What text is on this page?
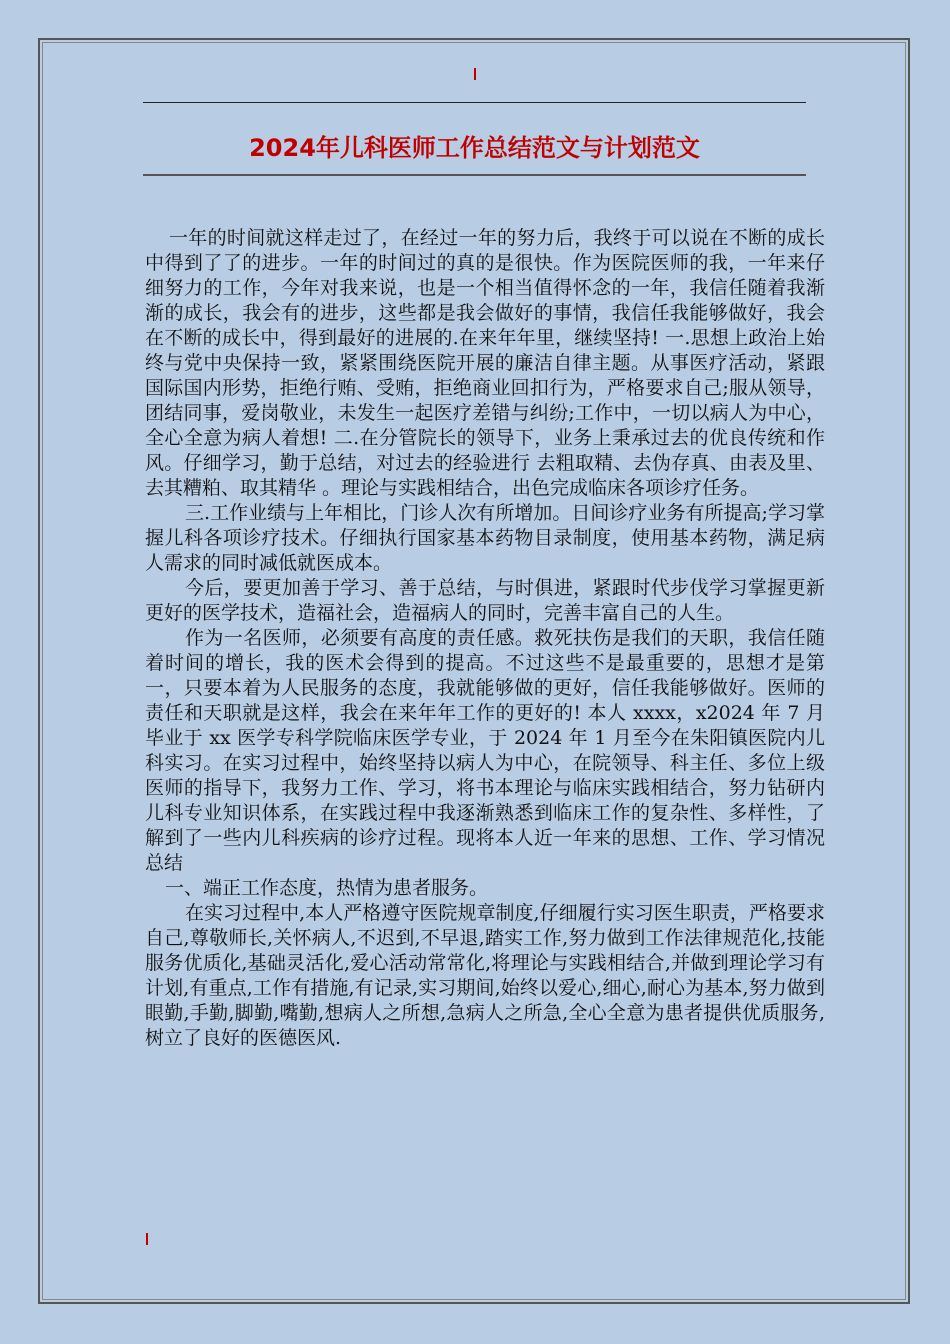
2024年儿科医师工作总结范文与计划范文

一年的时间就这样走过了，在经过一年的努力后，我终于可以说在不断的成长中得到了了的进步。一年的时间过的真的是很快。作为医院医师的我，一年来仔细努力的工作，今年对我来说，也是一个相当值得怀念的一年，我信任随着我渐渐的成长，我会有的进步，这些都是我会做好的事情，我信任我能够做好，我会在不断的成长中，得到最好的进展的.在来年年里，继续坚持! 一.思想上政治上始终与党中央保持一致，紧紧围绕医院开展的廉洁自律主题。从事医疗活动，紧跟国际国内形势，拒绝行贿、受贿，拒绝商业回扣行为，严格要求自己;服从领导，团结同事，爱岗敬业，未发生一起医疗差错与纠纷;工作中，一切以病人为中心，全心全意为病人着想! 二.在分管院长的领导下，业务上秉承过去的优良传统和作风。仔细学习，勤于总结，对过去的经验进行 去粗取精、去伪存真、由表及里、去其糟粕、取其精华 。理论与实践相结合，出色完成临床各项诊疗任务。

三.工作业绩与上年相比，门诊人次有所增加。日间诊疗业务有所提高;学习掌握儿科各项诊疗技术。仔细执行国家基本药物目录制度，使用基本药物，满足病人需求的同时减低就医成本。

今后，要更加善于学习、善于总结，与时俱进，紧跟时代步伐学习掌握更新更好的医学技术，造福社会，造福病人的同时，完善丰富自己的人生。

作为一名医师，必须要有高度的责任感。救死扶伤是我们的天职，我信任随着时间的增长，我的医术会得到的提高。不过这些不是最重要的，思想才是第一，只要本着为人民服务的态度，我就能够做的更好，信任我能够做好。医师的责任和天职就是这样，我会在来年年工作的更好的! 本人 xxxx，x2024 年 7 月毕业于 xx 医学专科学院临床医学专业，于 2024 年 1 月至今在朱阳镇医院内儿科实习。在实习过程中，始终坚持以病人为中心，在院领导、科主任、多位上级医师的指导下，我努力工作、学习，将书本理论与临床实践相结合，努力钻研内儿科专业知识体系，在实践过程中我逐渐熟悉到临床工作的复杂性、多样性，了解到了一些内儿科疾病的诊疗过程。现将本人近一年来的思想、工作、学习情况总结

一、端正工作态度，热情为患者服务。

在实习过程中,本人严格遵守医院规章制度,仔细履行实习医生职责，严格要求自己,尊敬师长,关怀病人,不迟到,不早退,踏实工作,努力做到工作法律规范化,技能服务优质化,基础灵活化,爱心活动常常化,将理论与实践相结合,并做到理论学习有计划,有重点,工作有措施,有记录,实习期间,始终以爱心,细心,耐心为基本,努力做到眼勤,手勤,脚勤,嘴勤,想病人之所想,急病人之所急,全心全意为患者提供优质服务,树立了良好的医德医风.
